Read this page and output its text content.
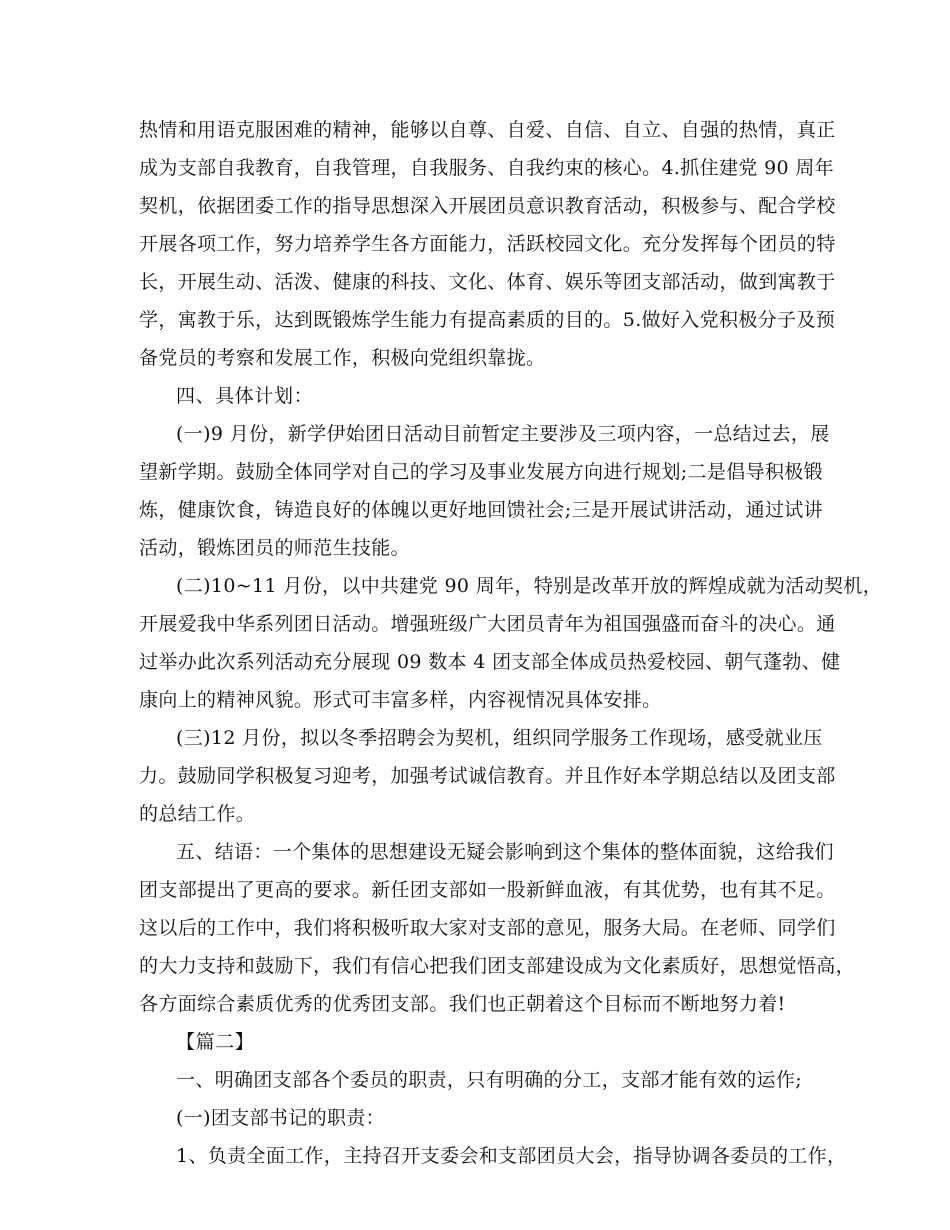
热情和用语克服困难的精神，能够以自尊、自爱、自信、自立、自强的热情，真正
成为支部自我教育，自我管理，自我服务、自我约束的核心。4.抓住建党 90 周年
契机，依据团委工作的指导思想深入开展团员意识教育活动，积极参与、配合学校
开展各项工作，努力培养学生各方面能力，活跃校园文化。充分发挥每个团员的特
长，开展生动、活泼、健康的科技、文化、体育、娱乐等团支部活动，做到寓教于
学，寓教于乐，达到既锻炼学生能力有提高素质的目的。5.做好入党积极分子及预
备党员的考察和发展工作，积极向党组织靠拢。
四、具体计划：
(一)9 月份，新学伊始团日活动目前暂定主要涉及三项内容，一总结过去，展
望新学期。鼓励全体同学对自己的学习及事业发展方向进行规划;二是倡导积极锻
炼，健康饮食，铸造良好的体魄以更好地回馈社会;三是开展试讲活动，通过试讲
活动，锻炼团员的师范生技能。
(二)10~11 月份，以中共建党 90 周年，特别是改革开放的辉煌成就为活动契机，
开展爱我中华系列团日活动。增强班级广大团员青年为祖国强盛而奋斗的决心。通
过举办此次系列活动充分展现 09 数本 4 团支部全体成员热爱校园、朝气蓬勃、健
康向上的精神风貌。形式可丰富多样，内容视情况具体安排。
(三)12 月份，拟以冬季招聘会为契机，组织同学服务工作现场，感受就业压
力。鼓励同学积极复习迎考，加强考试诚信教育。并且作好本学期总结以及团支部
的总结工作。
五、结语：一个集体的思想建设无疑会影响到这个集体的整体面貌，这给我们
团支部提出了更高的要求。新任团支部如一股新鲜血液，有其优势，也有其不足。
这以后的工作中，我们将积极听取大家对支部的意见，服务大局。在老师、同学们
的大力支持和鼓励下，我们有信心把我们团支部建设成为文化素质好，思想觉悟高，
各方面综合素质优秀的优秀团支部。我们也正朝着这个目标而不断地努力着!
【篇二】
一、明确团支部各个委员的职责，只有明确的分工，支部才能有效的运作;
(一)团支部书记的职责：
1、负责全面工作，主持召开支委会和支部团员大会，指导协调各委员的工作，
